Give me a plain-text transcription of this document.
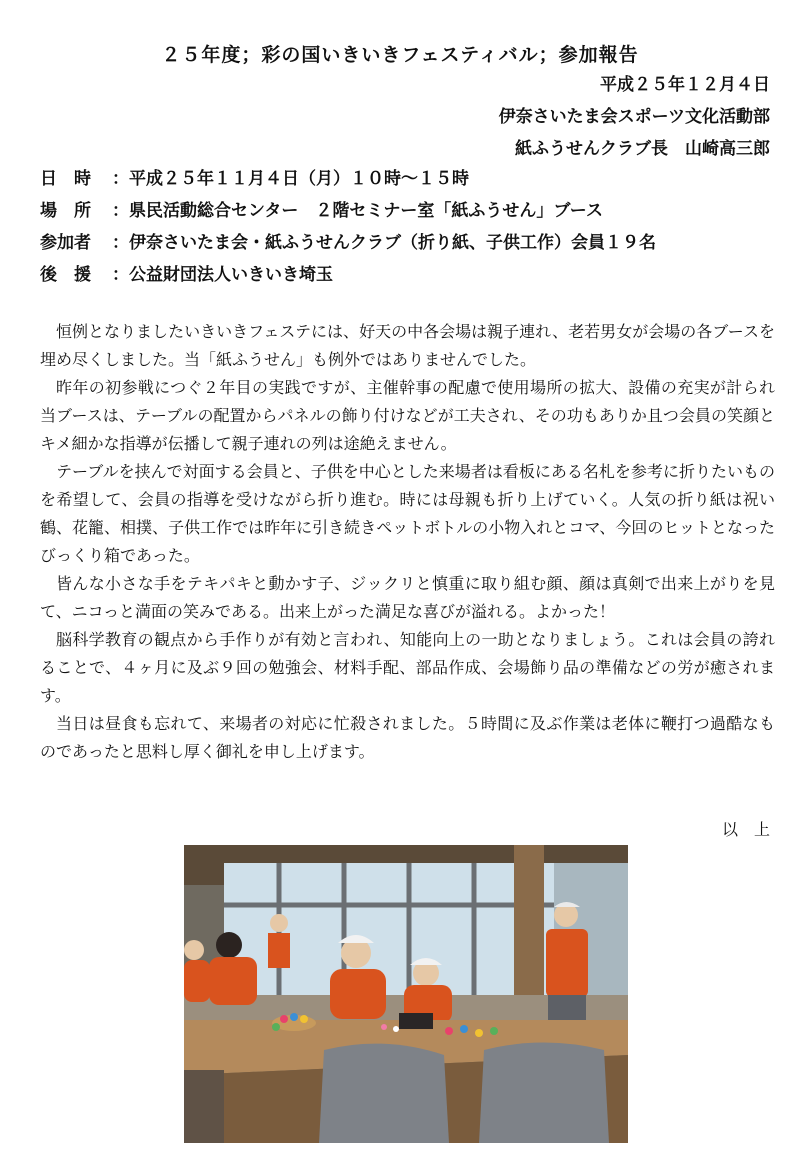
２５年度；彩の国いきいきフェスティバル；参加報告
平成２５年１２月４日
伊奈さいたま会スポーツ文化活動部
紙ふうせんクラブ長　山崎高三郎
日　時 ：平成２５年１１月４日（月）１０時～１５時
場　所 ：県民活動総合センター　２階セミナー室「紙ふうせん」ブース
参加者 ：伊奈さいたま会・紙ふうせんクラブ（折り紙、子供工作）会員１９名
後　援 ：公益財団法人いきいき埼玉

恒例となりましたいきいきフェステには、好天の中各会場は親子連れ、老若男女が会場の各ブースを埋め尽くしました。当「紙ふうせん」も例外ではありませんでした。

昨年の初参戦につぐ２年目の実践ですが、主催幹事の配慮で使用場所の拡大、設備の充実が計られ当ブースは、テーブルの配置からパネルの飾り付けなどが工夫され、その功もありか且つ会員の笑顔とキメ細かな指導が伝播して親子連れの列は途絶えません。

テーブルを挟んで対面する会員と、子供を中心とした来場者は看板にある名札を参考に折りたいものを希望して、会員の指導を受けながら折り進む。時には母親も折り上げていく。人気の折り紙は祝い鶴、花籠、相撲、子供工作では昨年に引き続きペットボトルの小物入れとコマ、今回のヒットとなったびっくり箱であった。

皆んな小さな手をテキパキと動かす子、ジックリと慎重に取り組む顔、顔は真剣で出来上がりを見て、ニコっと満面の笑みである。出来上がった満足な喜びが溢れる。よかった！

脳科学教育の観点から手作りが有効と言われ、知能向上の一助となりましょう。これは会員の誇れることで、４ヶ月に及ぶ９回の勉強会、材料手配、部品作成、会場飾り品の準備などの労が癒されます。

当日は昼食も忘れて、来場者の対応に忙殺されました。５時間に及ぶ作業は老体に鞭打つ過酷なものであったと思料し厚く御礼を申し上げます。

以　上
